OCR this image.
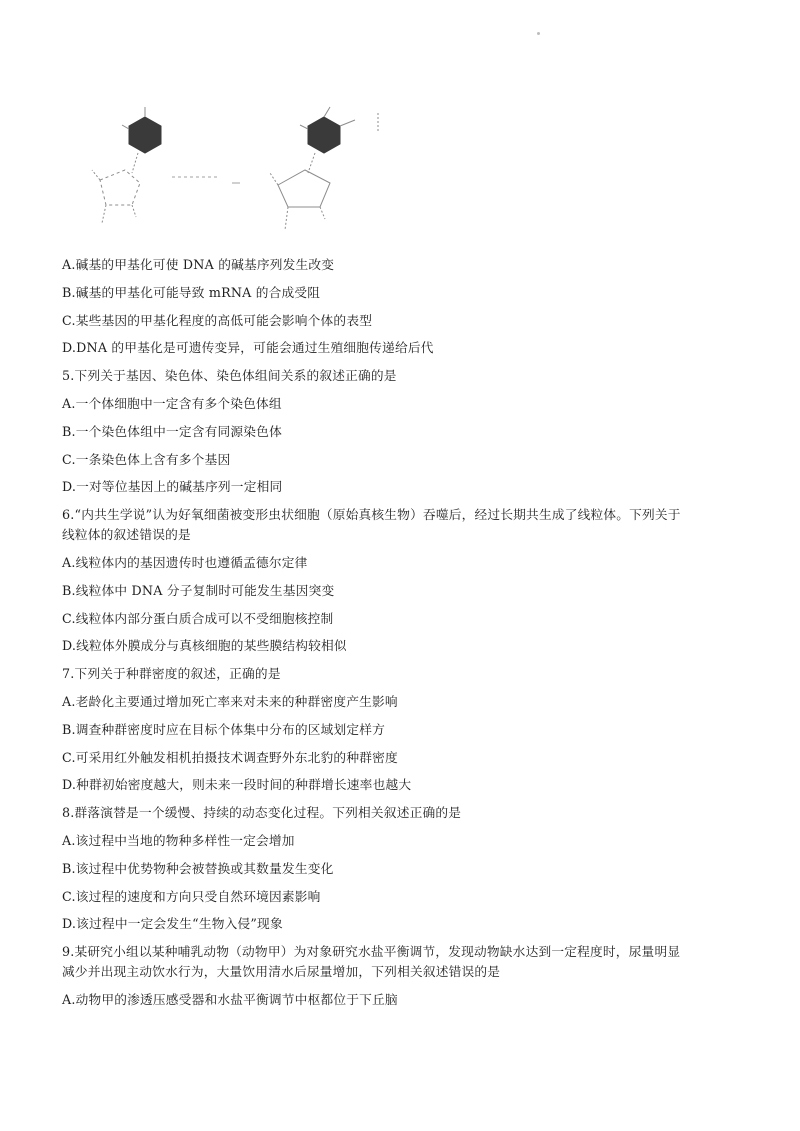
A.碱基的甲基化可使 DNA 的碱基序列发生改变
B.碱基的甲基化可能导致 mRNA 的合成受阻
C.某些基因的甲基化程度的高低可能会影响个体的表型
D.DNA 的甲基化是可遗传变异，可能会通过生殖细胞传递给后代
5.下列关于基因、染色体、染色体组间关系的叙述正确的是
A.一个体细胞中一定含有多个染色体组
B.一个染色体组中一定含有同源染色体
C.一条染色体上含有多个基因
D.一对等位基因上的碱基序列一定相同
6.“内共生学说”认为好氧细菌被变形虫状细胞（原始真核生物）吞噬后，经过长期共生成了线粒体。下列关于
线粒体的叙述错误的是
A.线粒体内的基因遗传时也遵循孟德尔定律
B.线粒体中 DNA 分子复制时可能发生基因突变
C.线粒体内部分蛋白质合成可以不受细胞核控制
D.线粒体外膜成分与真核细胞的某些膜结构较相似
7.下列关于种群密度的叙述，正确的是
A.老龄化主要通过增加死亡率来对未来的种群密度产生影响
B.调查种群密度时应在目标个体集中分布的区域划定样方
C.可采用红外触发相机拍摄技术调查野外东北豹的种群密度
D.种群初始密度越大，则未来一段时间的种群增长速率也越大
8.群落演替是一个缓慢、持续的动态变化过程。下列相关叙述正确的是
A.该过程中当地的物种多样性一定会增加
B.该过程中优势物种会被替换或其数量发生变化
C.该过程的速度和方向只受自然环境因素影响
D.该过程中一定会发生“生物入侵”现象
9.某研究小组以某种哺乳动物（动物甲）为对象研究水盐平衡调节，发现动物缺水达到一定程度时，尿量明显
减少并出现主动饮水行为，大量饮用清水后尿量增加，下列相关叙述错误的是
A.动物甲的渗透压感受器和水盐平衡调节中枢都位于下丘脑
